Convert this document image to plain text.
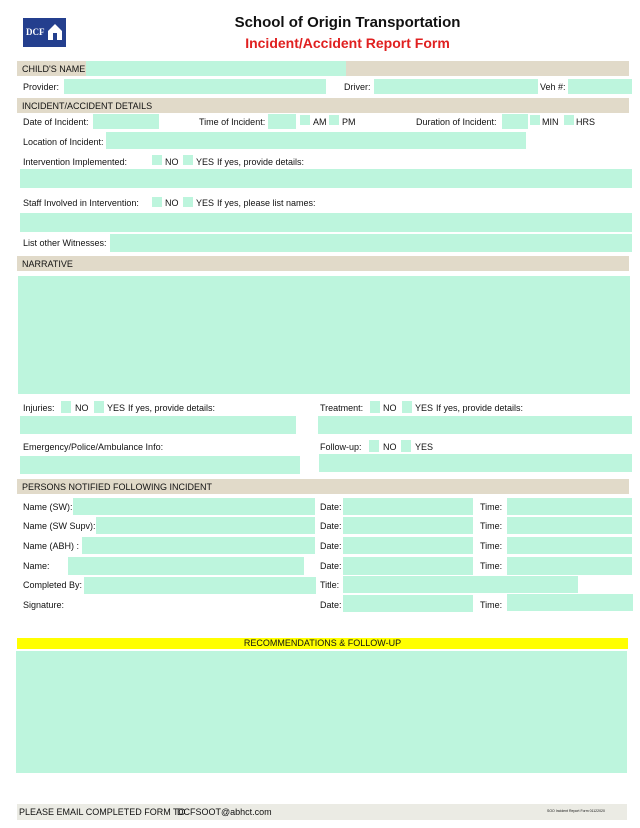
DCF
School of Origin Transportation
Incident/Accident Report Form
CHILD'S NAME
Provider:	Driver:	Veh #:
INCIDENT/ACCIDENT DETAILS
Date of Incident:	Time of Incident:	AM PM	Duration of Incident:	MIN HRS
Location of Incident:
Intervention Implemented:	NO YES If yes, provide details:
Staff Involved in Intervention:	NO YES If yes, please list names:
List other Witnesses:
NARRATIVE
Injuries: NO YES If yes, provide details:	Treatment: NO YES If yes, provide details:
Emergency/Police/Ambulance Info:	Follow-up: NO YES
PERSONS NOTIFIED FOLLOWING INCIDENT
Name (SW):	Date:	Time:
Name (SW Supv):	Date:	Time:
Name (ABH) :	Date:	Time:
Name:	Date:	Time:
Completed By:	Title:
Signature:	Date:	Time:
RECOMMENDATIONS & FOLLOW-UP
PLEASE EMAIL COMPLETED FORM TO
DCFSOOT@abhct.com	SOO Incident Report Form 01122020
